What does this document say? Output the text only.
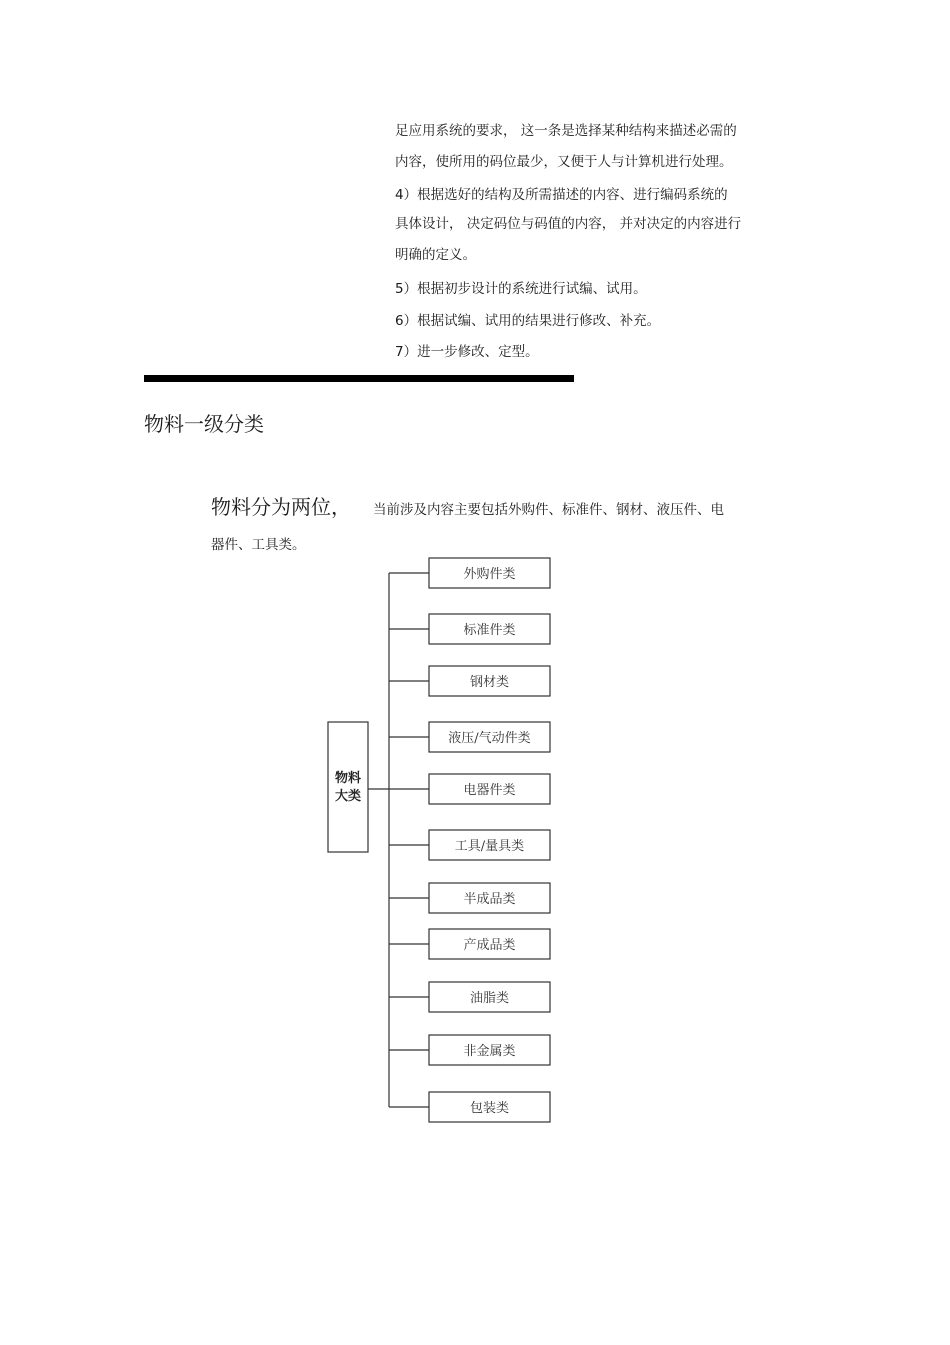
足应用系统的要求， 这一条是选择某种结构来描述必需的
内容，使所用的码位最少，又便于人与计算机进行处理。
4）根据选好的结构及所需描述的内容、进行编码系统的
具体设计， 决定码位与码值的内容， 并对决定的内容进行
明确的定义。
5）根据初步设计的系统进行试编、试用。
6）根据试编、试用的结果进行修改、补充。
7）进一步修改、定型。
物料一级分类
物料分为两位， 当前涉及内容主要包括外购件、标准件、钢材、液压件、电
器件、工具类。
物料
大类
外购件类
标准件类
钢材类
液压/气动件类
电器件类
工具/量具类
半成品类
产成品类
油脂类
非金属类
包装类
